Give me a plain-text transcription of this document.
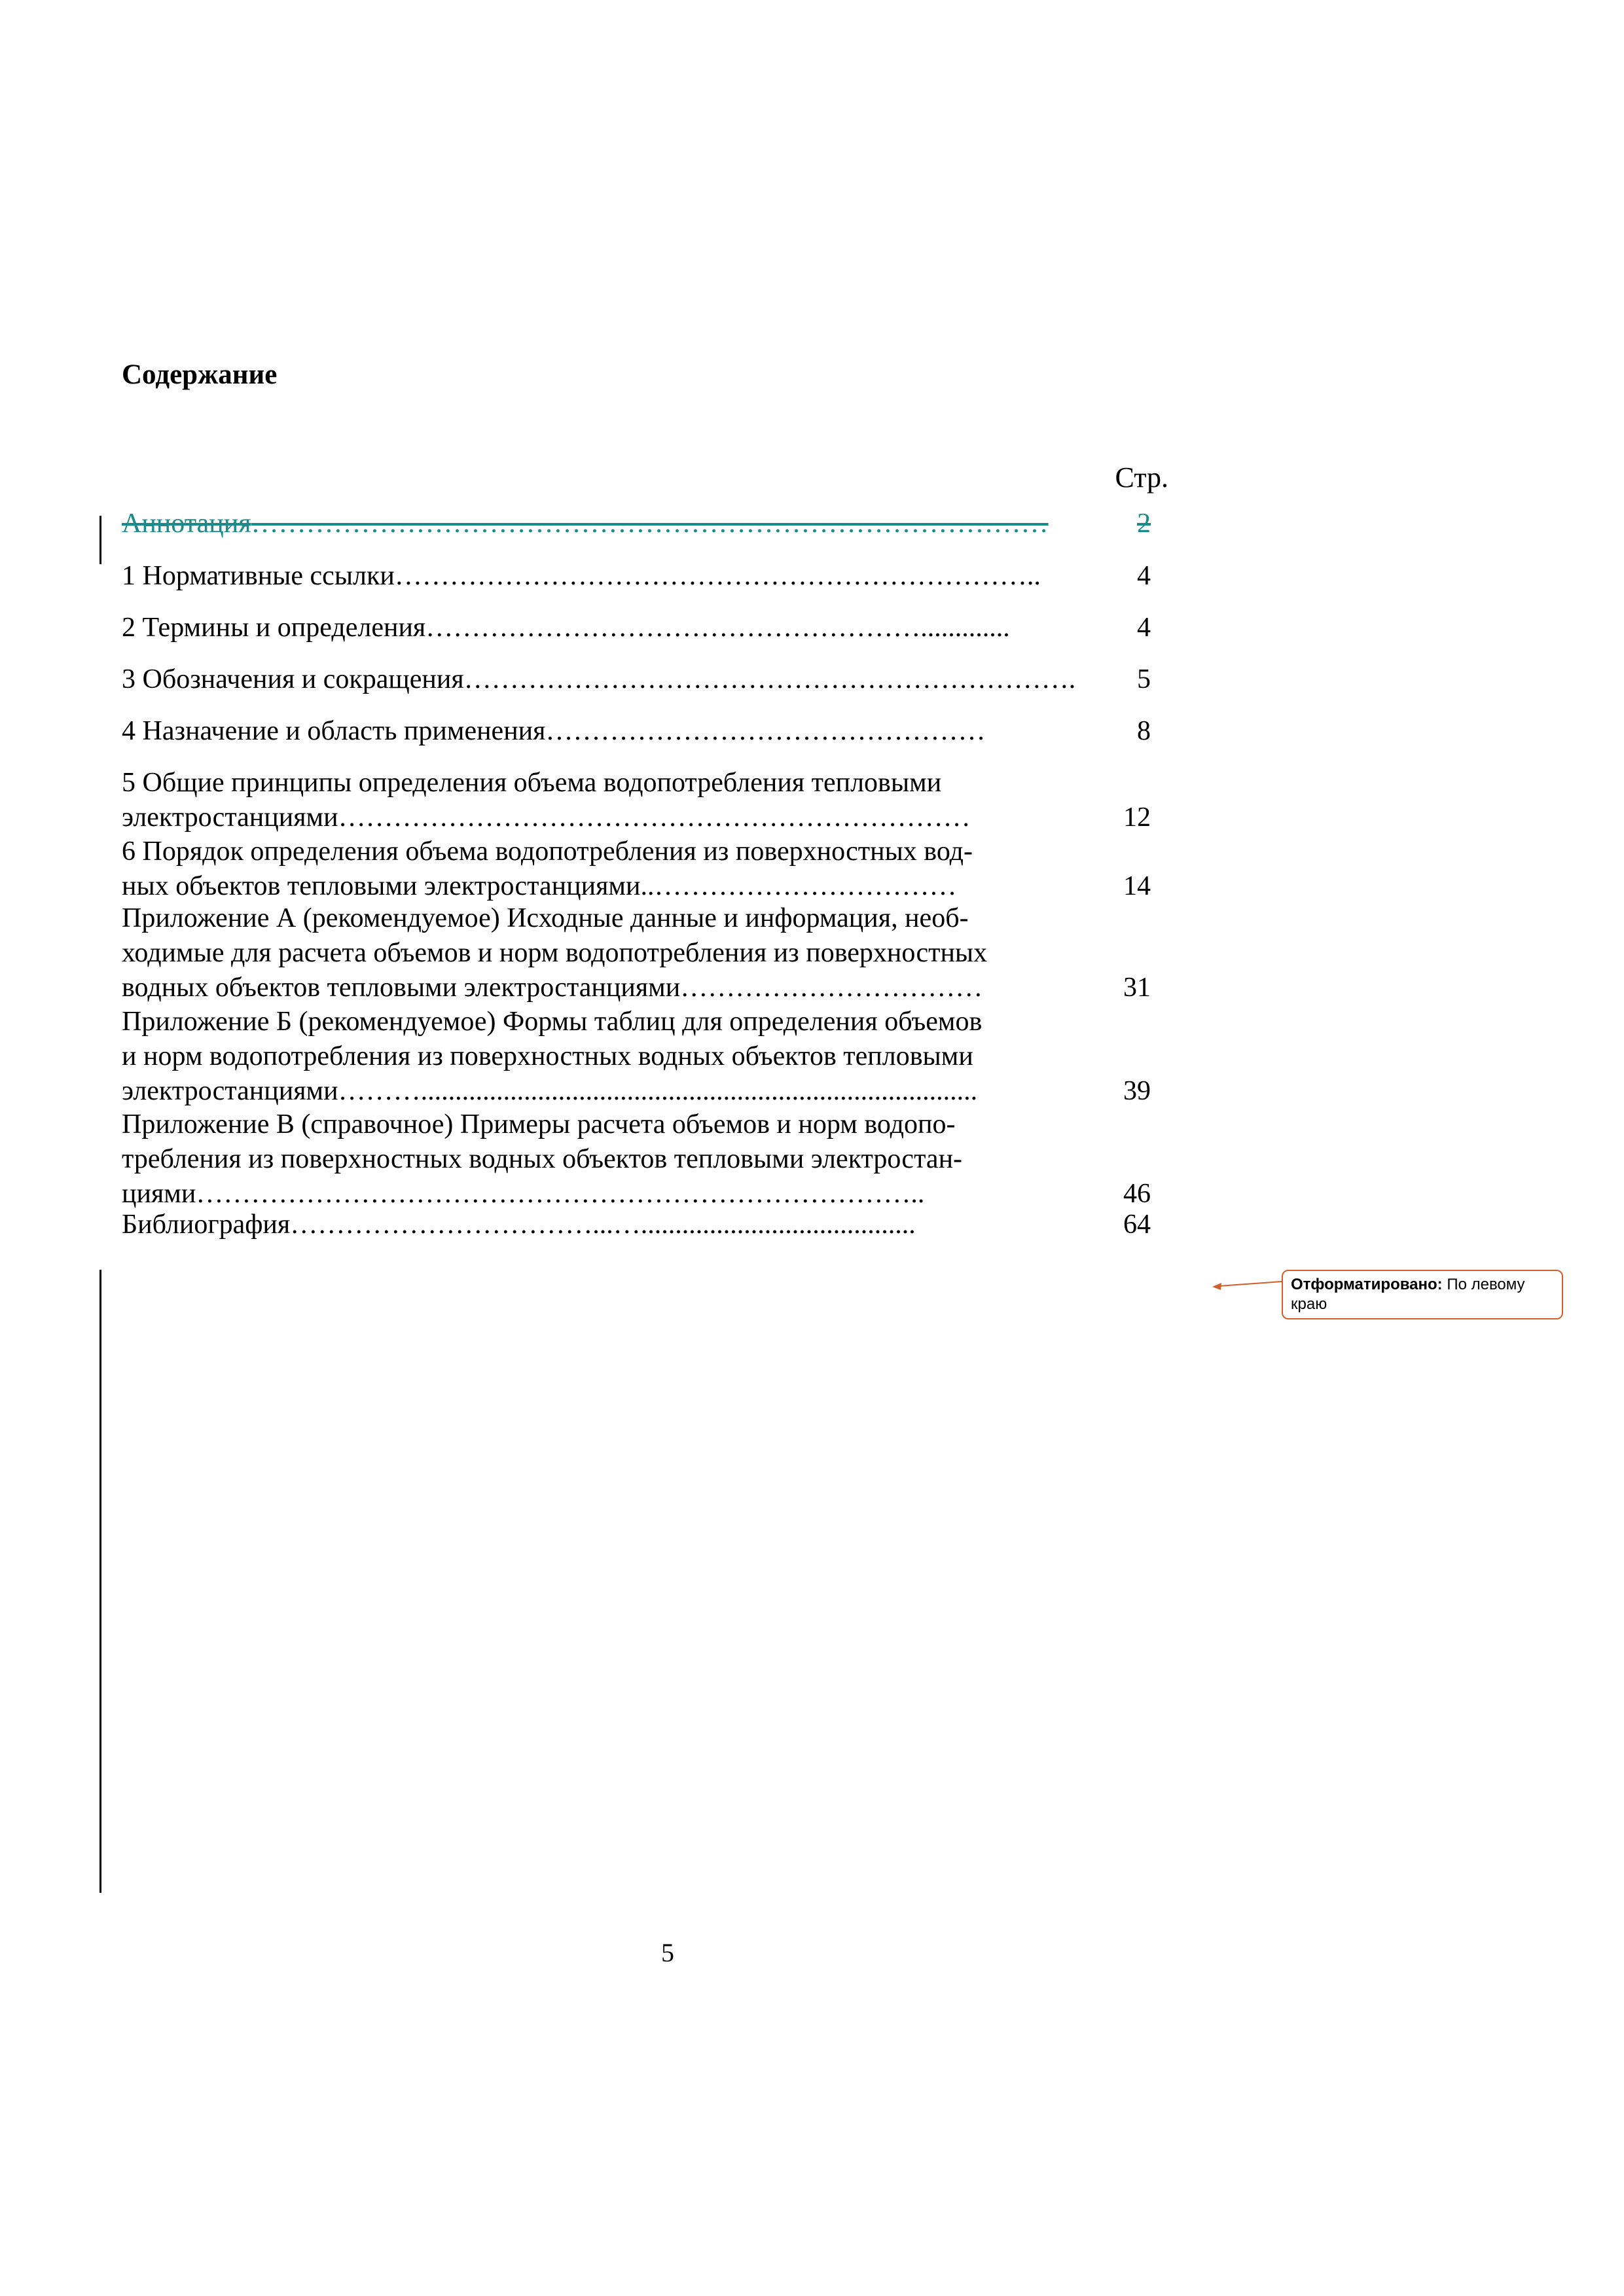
Содержание
Стр.
Аннотация ……………………………………………………………………………	2
1 Нормативные ссылки ……………………………………………………………..	4
2 Термины и определения ……………………………………………….............	4
3 Обозначения и сокращения ………………………………………………………….	5
4 Назначение и область применения …………………………………………	8
5 Общие принципы определения объема водопотребления тепловыми
электростанциями ……………………………………………………………	12
6 Порядок определения объема водопотребления из поверхностных вод-
ных объектов тепловыми электростанциями ..……………………………	14
Приложение А (рекомендуемое) Исходные данные и информация, необ-
ходимые для расчета объемов и норм водопотребления из поверхностных
водных объектов тепловыми электростанциями ……………………………	31
Приложение Б (рекомендуемое) Формы таблиц для определения объемов
и норм водопотребления из поверхностных водных объектов тепловыми
электростанциями ……….................................................................................	39
Приложение В (справочное) Примеры расчета объемов и норм водопо-
требления из поверхностных водных объектов тепловыми электростан-
циями ……………………………………………………………………..	46
Библиография ……………………………...…........................................	64
Отформатировано: По левому краю
5
